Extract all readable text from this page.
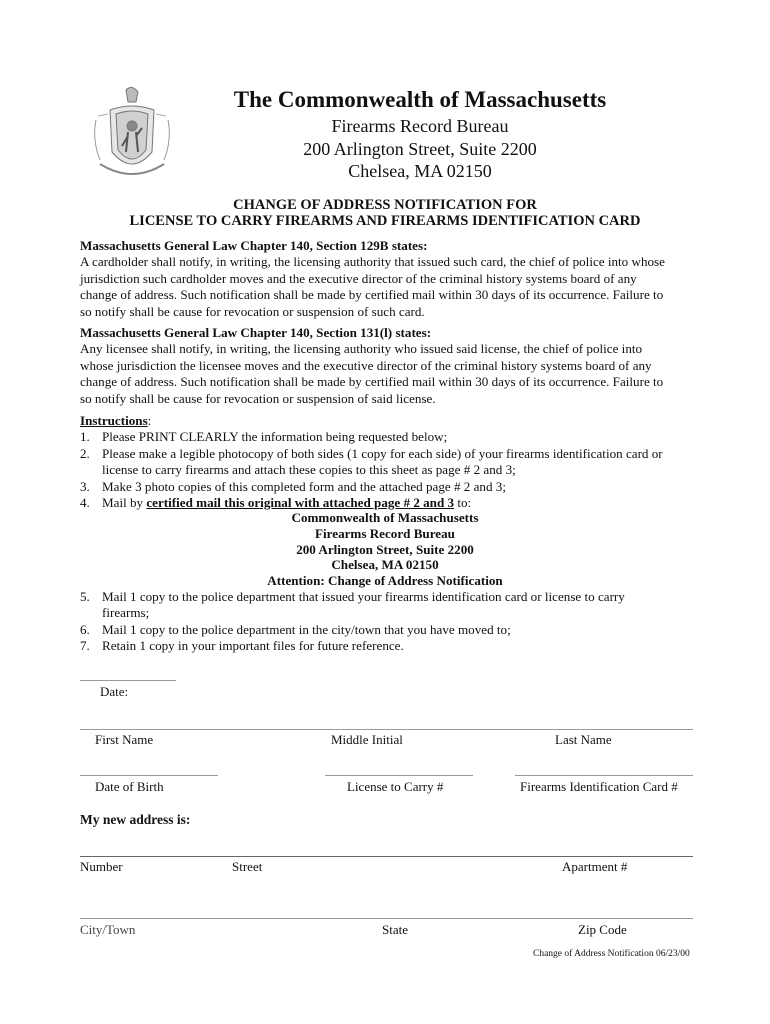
The Commonwealth of Massachusetts
Firearms Record Bureau
200 Arlington Street, Suite 2200
Chelsea, MA 02150
CHANGE OF ADDRESS NOTIFICATION FOR
LICENSE TO CARRY FIREARMS AND FIREARMS IDENTIFICATION CARD
Massachusetts General Law Chapter 140, Section 129B states:
A cardholder shall notify, in writing, the licensing authority that issued such card, the chief of police into whose
jurisdiction such cardholder moves and the executive director of the criminal history systems board of any
change of address. Such notification shall be made by certified mail within 30 days of its occurrence. Failure to
so notify shall be cause for revocation or suspension of such card.
Massachusetts General Law Chapter 140, Section 131(l) states:
Any licensee shall notify, in writing, the licensing authority who issued said license, the chief of police into
whose jurisdiction the licensee moves and the executive director of the criminal history systems board of any
change of address. Such notification shall be made by certified mail within 30 days of its occurrence. Failure to
so notify shall be cause for revocation or suspension of said license.
Instructions:
1. Please PRINT CLEARLY the information being requested below;
2. Please make a legible photocopy of both sides (1 copy for each side) of your firearms identification card or
license to carry firearms and attach these copies to this sheet as page # 2 and 3;
3. Make 3 photo copies of this completed form and the attached page # 2 and 3;
4. Mail by certified mail this original with attached page # 2 and 3 to:
Commonwealth of Massachusetts
Firearms Record Bureau
200 Arlington Street, Suite 2200
Chelsea, MA 02150
Attention: Change of Address Notification
5. Mail 1 copy to the police department that issued your firearms identification card or license to carry
firearms;
6. Mail 1 copy to the police department in the city/town that you have moved to;
7. Retain 1 copy in your important files for future reference.
Date:
First Name	Middle Initial	Last Name
Date of Birth	License to Carry #	Firearms Identification Card #
My new address is:
Number	Street	Apartment #
City/Town	State	Zip Code
Change of Address Notification 06/23/00
